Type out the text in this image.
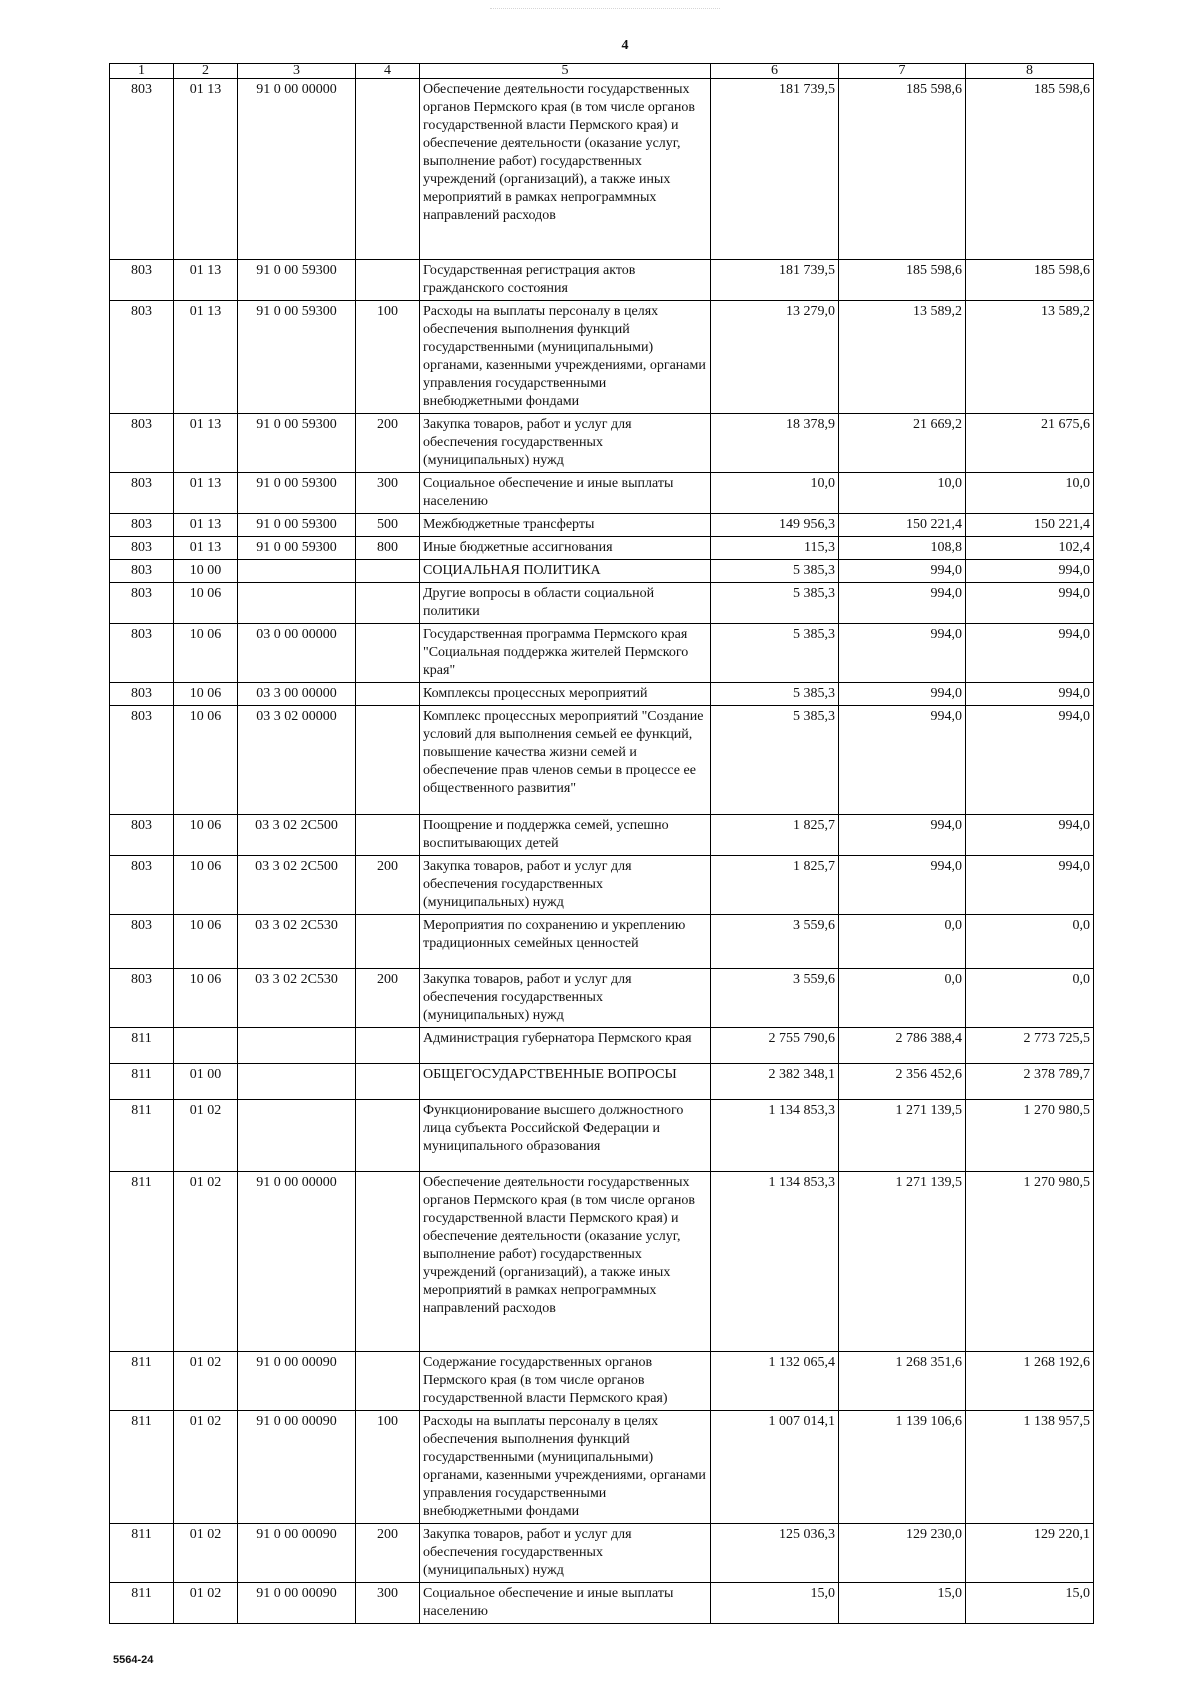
4
1	2	3	4	5	6	7	8
803	01 13	91 0 00 00000		Обеспечение деятельности государственных органов Пермского края (в том числе органов государственной власти Пермского края) и обеспечение деятельности (оказание услуг, выполнение работ) государственных учреждений (организаций), а также иных мероприятий в рамках непрограммных направлений расходов	181 739,5	185 598,6	185 598,6
803	01 13	91 0 00 59300		Государственная регистрация актов гражданского состояния	181 739,5	185 598,6	185 598,6
803	01 13	91 0 00 59300	100	Расходы на выплаты персоналу в целях обеспечения выполнения функций государственными (муниципальными) органами, казенными учреждениями, органами управления государственными внебюджетными фондами	13 279,0	13 589,2	13 589,2
803	01 13	91 0 00 59300	200	Закупка товаров, работ и услуг для обеспечения государственных (муниципальных) нужд	18 378,9	21 669,2	21 675,6
803	01 13	91 0 00 59300	300	Социальное обеспечение и иные выплаты населению	10,0	10,0	10,0
803	01 13	91 0 00 59300	500	Межбюджетные трансферты	149 956,3	150 221,4	150 221,4
803	01 13	91 0 00 59300	800	Иные бюджетные ассигнования	115,3	108,8	102,4
803	10 00			СОЦИАЛЬНАЯ ПОЛИТИКА	5 385,3	994,0	994,0
803	10 06			Другие вопросы в области социальной политики	5 385,3	994,0	994,0
803	10 06	03 0 00 00000		Государственная программа Пермского края "Социальная поддержка жителей Пермского края"	5 385,3	994,0	994,0
803	10 06	03 3 00 00000		Комплексы процессных мероприятий	5 385,3	994,0	994,0
803	10 06	03 3 02 00000		Комплекс процессных мероприятий "Создание условий для выполнения семьей ее функций, повышение качества жизни семей и обеспечение прав членов семьи в процессе ее общественного развития"	5 385,3	994,0	994,0
803	10 06	03 3 02 2С500		Поощрение и поддержка семей, успешно воспитывающих детей	1 825,7	994,0	994,0
803	10 06	03 3 02 2С500	200	Закупка товаров, работ и услуг для обеспечения государственных (муниципальных) нужд	1 825,7	994,0	994,0
803	10 06	03 3 02 2С530		Мероприятия по сохранению и укреплению традиционных семейных ценностей	3 559,6	0,0	0,0
803	10 06	03 3 02 2С530	200	Закупка товаров, работ и услуг для обеспечения государственных (муниципальных) нужд	3 559,6	0,0	0,0
811				Администрация губернатора Пермского края	2 755 790,6	2 786 388,4	2 773 725,5
811	01 00			ОБЩЕГОСУДАРСТВЕННЫЕ ВОПРОСЫ	2 382 348,1	2 356 452,6	2 378 789,7
811	01 02			Функционирование высшего должностного лица субъекта Российской Федерации и муниципального образования	1 134 853,3	1 271 139,5	1 270 980,5
811	01 02	91 0 00 00000		Обеспечение деятельности государственных органов Пермского края (в том числе органов государственной власти Пермского края) и обеспечение деятельности (оказание услуг, выполнение работ) государственных учреждений (организаций), а также иных мероприятий в рамках непрограммных направлений расходов	1 134 853,3	1 271 139,5	1 270 980,5
811	01 02	91 0 00 00090		Содержание государственных органов Пермского края (в том числе органов государственной власти Пермского края)	1 132 065,4	1 268 351,6	1 268 192,6
811	01 02	91 0 00 00090	100	Расходы на выплаты персоналу в целях обеспечения выполнения функций государственными (муниципальными) органами, казенными учреждениями, органами управления государственными внебюджетными фондами	1 007 014,1	1 139 106,6	1 138 957,5
811	01 02	91 0 00 00090	200	Закупка товаров, работ и услуг для обеспечения государственных (муниципальных) нужд	125 036,3	129 230,0	129 220,1
811	01 02	91 0 00 00090	300	Социальное обеспечение и иные выплаты населению	15,0	15,0	15,0
5564-24
